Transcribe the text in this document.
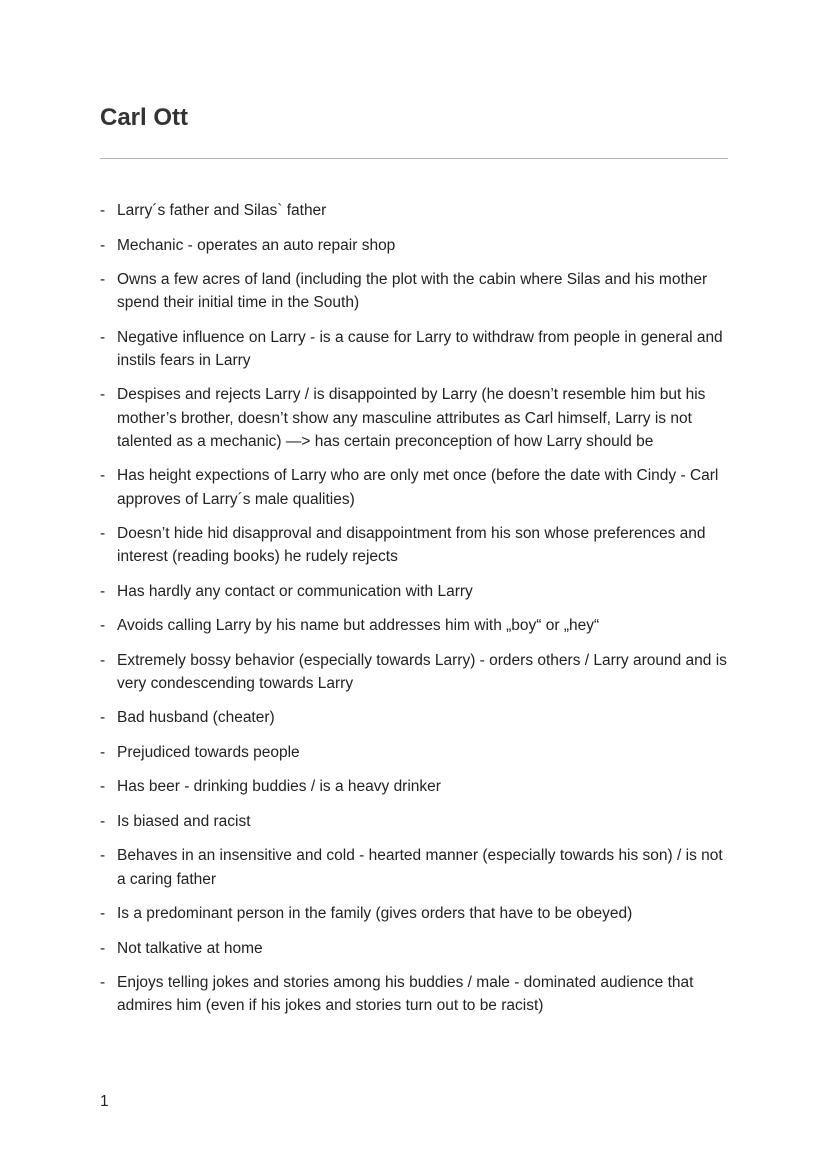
Carl Ott
- Larry´s father and Silas` father
- Mechanic - operates an auto repair shop
- Owns a few acres of land (including the plot with the cabin where Silas and his mother spend their initial time in the South)
- Negative influence on Larry - is a cause for Larry to withdraw from people in general and instils fears in Larry
- Despises and rejects Larry / is disappointed by Larry (he doesn’t resemble him but his mother’s brother, doesn’t show any masculine attributes as Carl himself, Larry is not talented as a mechanic) —> has certain preconception of how Larry should be
- Has height expections of Larry who are only met once (before the date with Cindy - Carl approves of Larry´s male qualities)
- Doesn’t hide hid disapproval and disappointment from his son whose preferences and interest (reading books) he rudely rejects
- Has hardly any contact or communication with Larry
- Avoids calling Larry by his name but addresses him with „boy“ or „hey“
- Extremely bossy behavior (especially towards Larry) - orders others / Larry around and is very condescending towards Larry
- Bad husband (cheater)
- Prejudiced towards people
- Has beer - drinking buddies / is a heavy drinker
- Is biased and racist
- Behaves in an insensitive and cold - hearted manner (especially towards his son) / is not a caring father
- Is a predominant person in the family (gives orders that have to be obeyed)
- Not talkative at home
- Enjoys telling jokes and stories among his buddies / male - dominated audience that admires him (even if his jokes and stories turn out to be racist)
1
